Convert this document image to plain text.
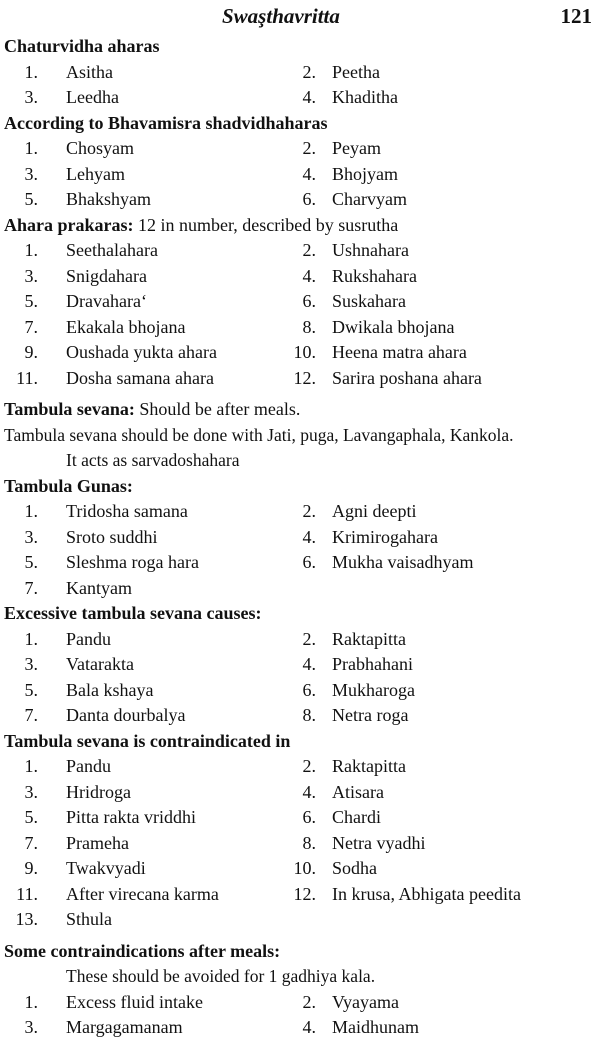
Swaşthavritta	121
Chaturvidha aharas
1. Asitha	2. Peetha
3. Leedha	4. Khaditha
According to Bhavamisra shadvidhaharas
1. Chosyam	2. Peyam
3. Lehyam	4. Bhojyam
5. Bhakshyam	6. Charvyam
Ahara prakaras: 12 in number, described by susrutha
1. Seethalahara	2. Ushnahara
3. Snigdahara	4. Rukshahara
5. Dravahara‘	6. Suskahara
7. Ekakala bhojana	8. Dwikala bhojana
9. Oushada yukta ahara	10. Heena matra ahara
11. Dosha samana ahara	12. Sarira poshana ahara
Tambula sevana: Should be after meals.
Tambula sevana should be done with Jati, puga, Lavangaphala, Kankola.
It acts as sarvadoshahara
Tambula Gunas:
1. Tridosha samana	2. Agni deepti
3. Sroto suddhi	4. Krimirogahara
5. Sleshma roga hara	6. Mukha vaisadhyam
7. Kantyam
Excessive tambula sevana causes:
1. Pandu	2. Raktapitta
3. Vatarakta	4. Prabhahani
5. Bala kshaya	6. Mukharoga
7. Danta dourbalya	8. Netra roga
Tambula sevana is contraindicated in
1. Pandu	2. Raktapitta
3. Hridroga	4. Atisara
5. Pitta rakta vriddhi	6. Chardi
7. Prameha	8. Netra vyadhi
9. Twakvyadi	10. Sodha
11. After virecana karma	12. In krusa, Abhigata peedita
13. Sthula
Some contraindications after meals:
These should be avoided for 1 gadhiya kala.
1. Excess fluid intake	2. Vyayama
3. Margagamanam	4. Maidhunam
